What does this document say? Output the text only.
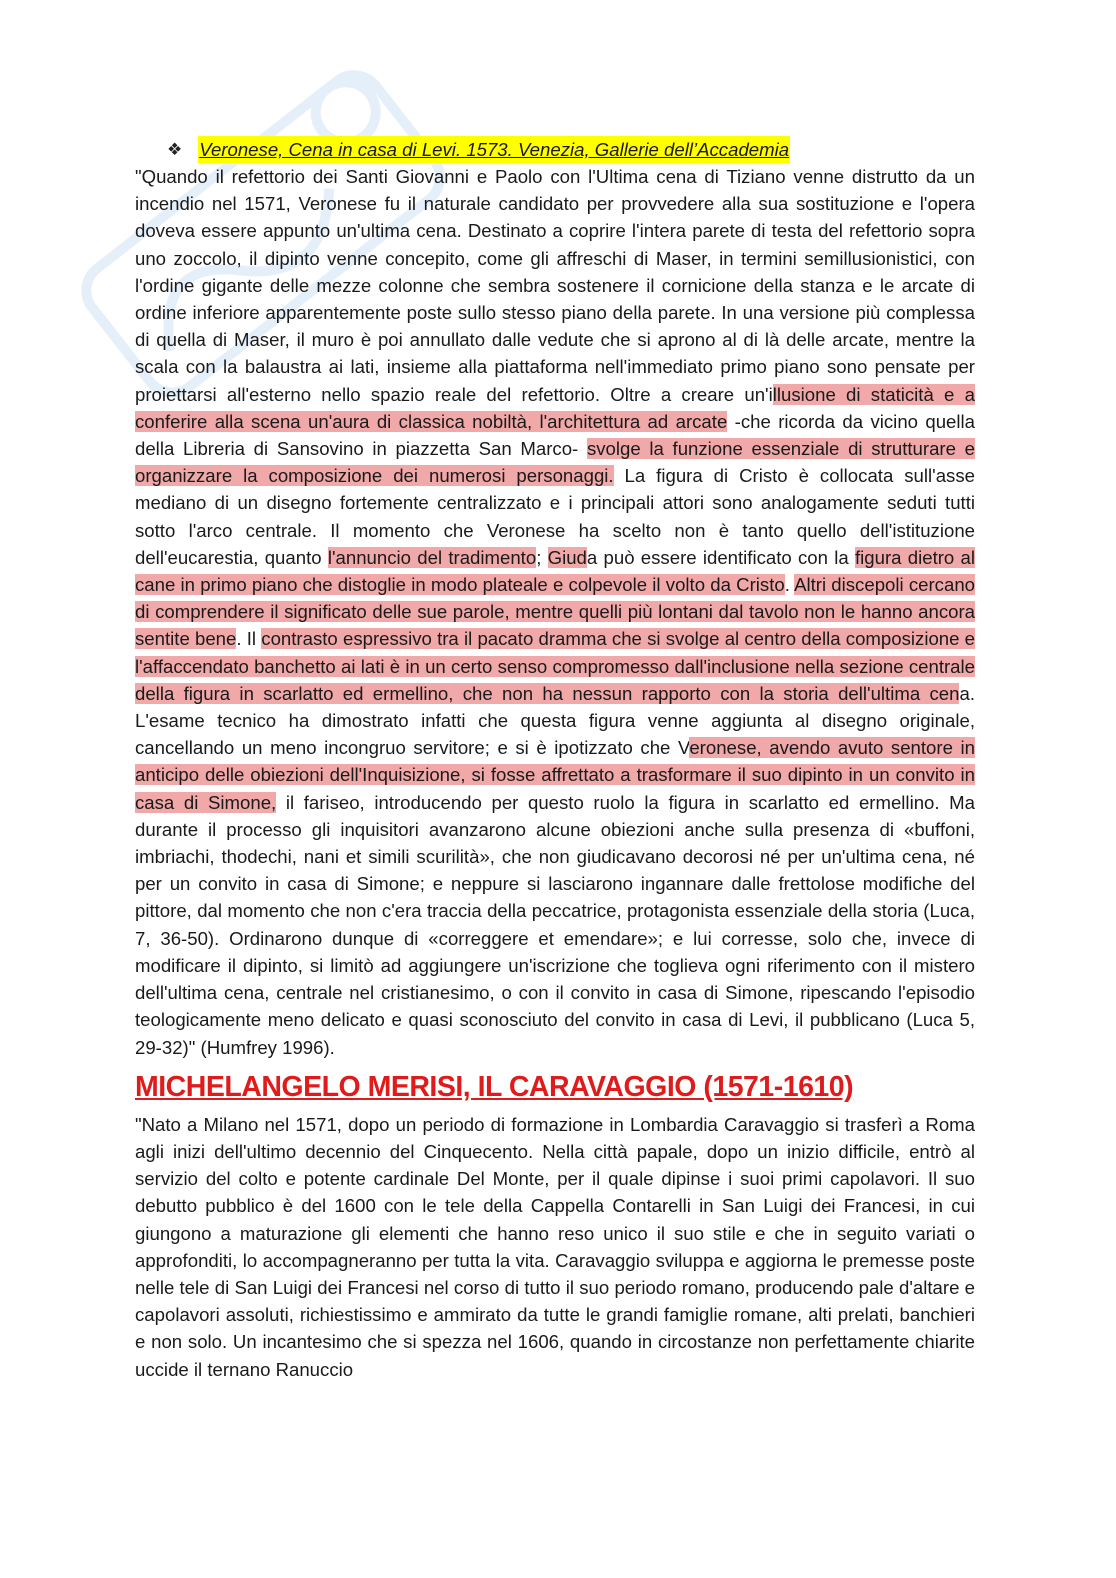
❖ Veronese, Cena in casa di Levi. 1573. Venezia, Gallerie dell’Accademia

"Quando il refettorio dei Santi Giovanni e Paolo con l'Ultima cena di Tiziano venne distrutto da un incendio nel 1571, Veronese fu il naturale candidato per provvedere alla sua sostituzione e l'opera doveva essere appunto un'ultima cena. Destinato a coprire l'intera parete di testa del refettorio sopra uno zoccolo, il dipinto venne concepito, come gli affreschi di Maser, in termini semillusionistici, con l'ordine gigante delle mezze colonne che sembra sostenere il cornicione della stanza e le arcate di ordine inferiore apparentemente poste sullo stesso piano della parete. In una versione più complessa di quella di Maser, il muro è poi annullato dalle vedute che si aprono al di là delle arcate, mentre la scala con la balaustra ai lati, insieme alla piattaforma nell'immediato primo piano sono pensate per proiettarsi all'esterno nello spazio reale del refettorio. Oltre a creare un'illusione di staticità e a conferire alla scena un'aura di classica nobiltà, l'architettura ad arcate -che ricorda da vicino quella della Libreria di Sansovino in piazzetta San Marco- svolge la funzione essenziale di strutturare e organizzare la composizione dei numerosi personaggi. La figura di Cristo è collocata sull'asse mediano di un disegno fortemente centralizzato e i principali attori sono analogamente seduti tutti sotto l'arco centrale. Il momento che Veronese ha scelto non è tanto quello dell'istituzione dell'eucarestia, quanto l'annuncio del tradimento; Giuda può essere identificato con la figura dietro al cane in primo piano che distoglie in modo plateale e colpevole il volto da Cristo. Altri discepoli cercano di comprendere il significato delle sue parole, mentre quelli più lontani dal tavolo non le hanno ancora sentite bene. Il contrasto espressivo tra il pacato dramma che si svolge al centro della composizione e l'affaccendato banchetto ai lati è in un certo senso compromesso dall'inclusione nella sezione centrale della figura in scarlatto ed ermellino, che non ha nessun rapporto con la storia dell'ultima cena. L'esame tecnico ha dimostrato infatti che questa figura venne aggiunta al disegno originale, cancellando un meno incongruo servitore; e si è ipotizzato che Veronese, avendo avuto sentore in anticipo delle obiezioni dell'Inquisizione, si fosse affrettato a trasformare il suo dipinto in un convito in casa di Simone, il fariseo, introducendo per questo ruolo la figura in scarlatto ed ermellino. Ma durante il processo gli inquisitori avanzarono alcune obiezioni anche sulla presenza di «buffoni, imbriachi, thodechi, nani et simili scurilità», che non giudicavano decorosi né per un'ultima cena, né per un convito in casa di Simone; e neppure si lasciarono ingannare dalle frettolose modifiche del pittore, dal momento che non c'era traccia della peccatrice, protagonista essenziale della storia (Luca, 7, 36-50). Ordinarono dunque di «correggere et emendare»; e lui corresse, solo che, invece di modificare il dipinto, si limitò ad aggiungere un'iscrizione che toglieva ogni riferimento con il mistero dell'ultima cena, centrale nel cristianesimo, o con il convito in casa di Simone, ripescando l'episodio teologicamente meno delicato e quasi sconosciuto del convito in casa di Levi, il pubblicano (Luca 5, 29-32)" (Humfrey 1996).

MICHELANGELO MERISI, IL CARAVAGGIO (1571-1610)

"Nato a Milano nel 1571, dopo un periodo di formazione in Lombardia Caravaggio si trasferì a Roma agli inizi dell'ultimo decennio del Cinquecento. Nella città papale, dopo un inizio difficile, entrò al servizio del colto e potente cardinale Del Monte, per il quale dipinse i suoi primi capolavori. Il suo debutto pubblico è del 1600 con le tele della Cappella Contarelli in San Luigi dei Francesi, in cui giungono a maturazione gli elementi che hanno reso unico il suo stile e che in seguito variati o approfonditi, lo accompagneranno per tutta la vita. Caravaggio sviluppa e aggiorna le premesse poste nelle tele di San Luigi dei Francesi nel corso di tutto il suo periodo romano, producendo pale d'altare e capolavori assoluti, richiestissimo e ammirato da tutte le grandi famiglie romane, alti prelati, banchieri e non solo. Un incantesimo che si spezza nel 1606, quando in circostanze non perfettamente chiarite uccide il ternano Ranuccio
